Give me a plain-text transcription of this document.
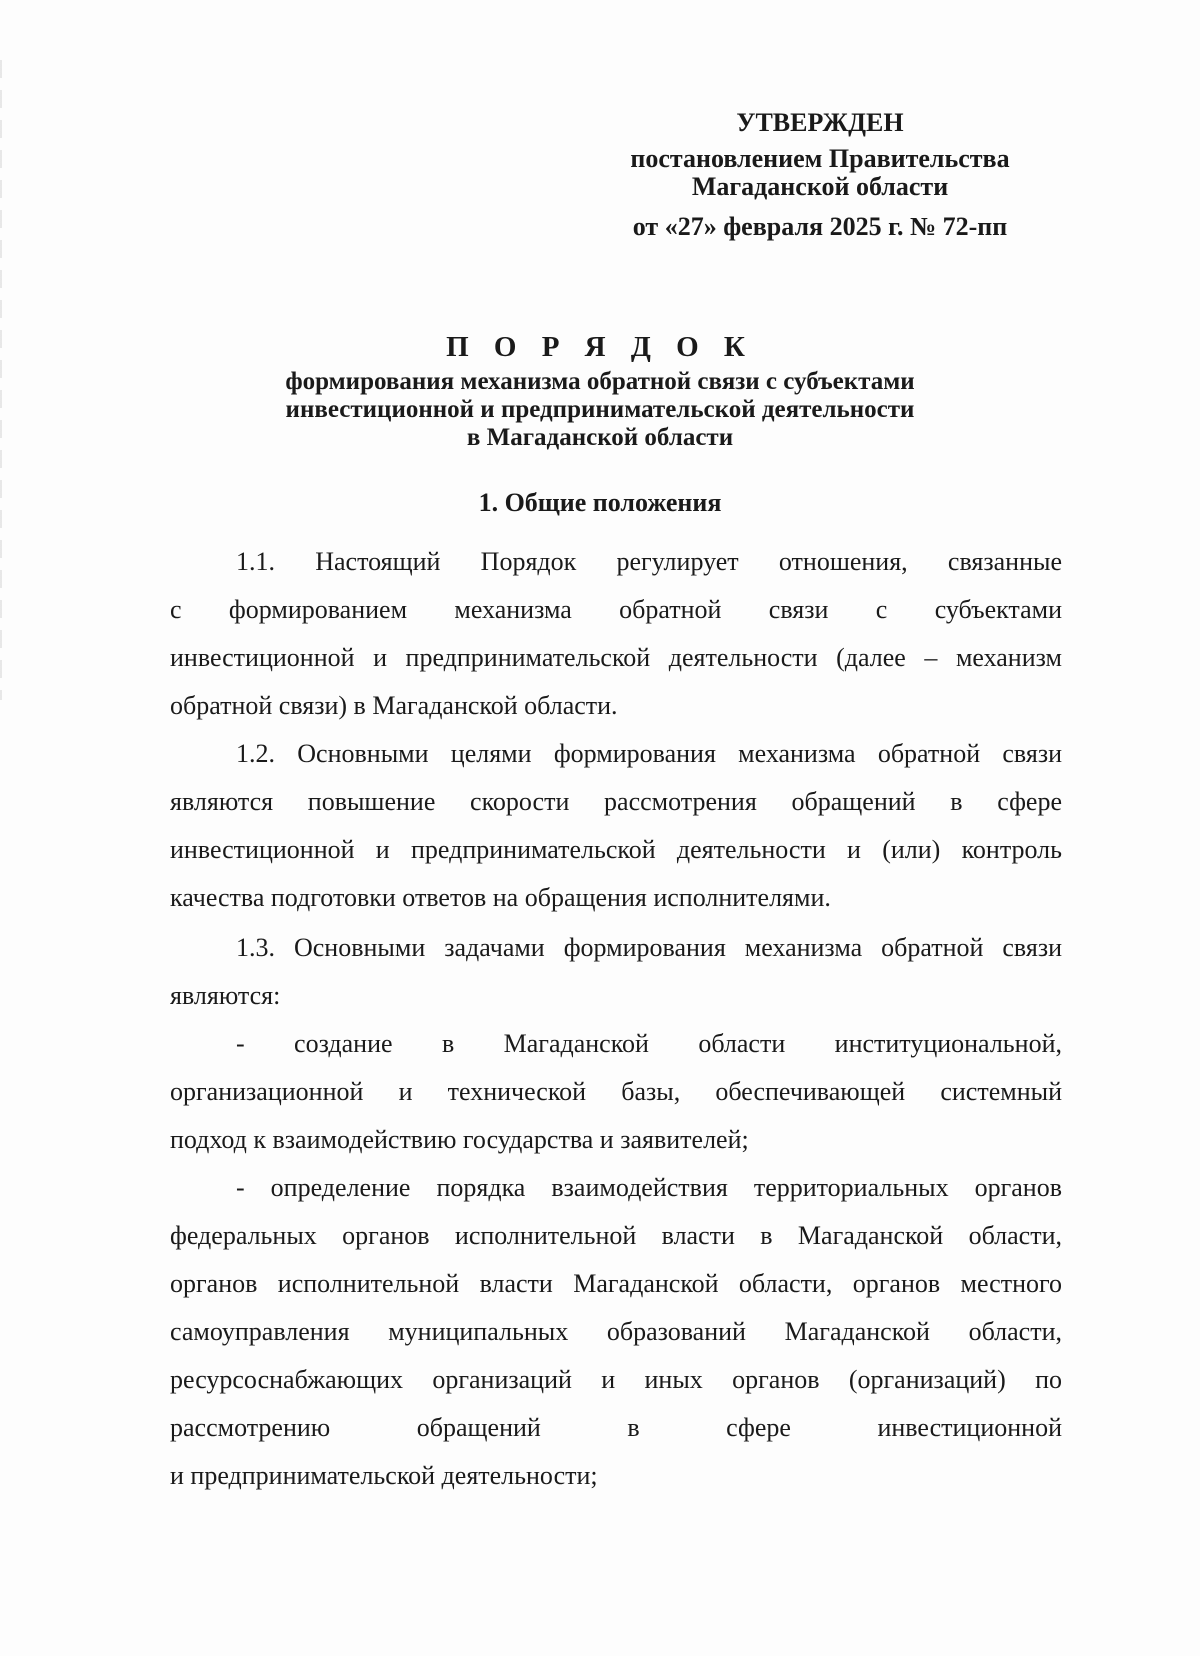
УТВЕРЖДЕН
постановлением Правительства
Магаданской области
от «27» февраля 2025 г. № 72-пп
П О Р Я Д О К
формирования механизма обратной связи с субъектами
инвестиционной и предпринимательской деятельности
в Магаданской области
1. Общие положения
1.1. Настоящий Порядок регулирует отношения, связанные
с формированием механизма обратной связи с субъектами
инвестиционной и предпринимательской деятельности (далее – механизм
обратной связи) в Магаданской области.
1.2. Основными целями формирования механизма обратной связи
являются повышение скорости рассмотрения обращений в сфере
инвестиционной и предпринимательской деятельности и (или) контроль
качества подготовки ответов на обращения исполнителями.
1.3. Основными задачами формирования механизма обратной связи
являются:
- создание в Магаданской области институциональной,
организационной и технической базы, обеспечивающей системный
подход к взаимодействию государства и заявителей;
- определение порядка взаимодействия территориальных органов
федеральных органов исполнительной власти в Магаданской области,
органов исполнительной власти Магаданской области, органов местного
самоуправления муниципальных образований Магаданской области,
ресурсоснабжающих организаций и иных органов (организаций) по
рассмотрению обращений в сфере инвестиционной
и предпринимательской деятельности;
